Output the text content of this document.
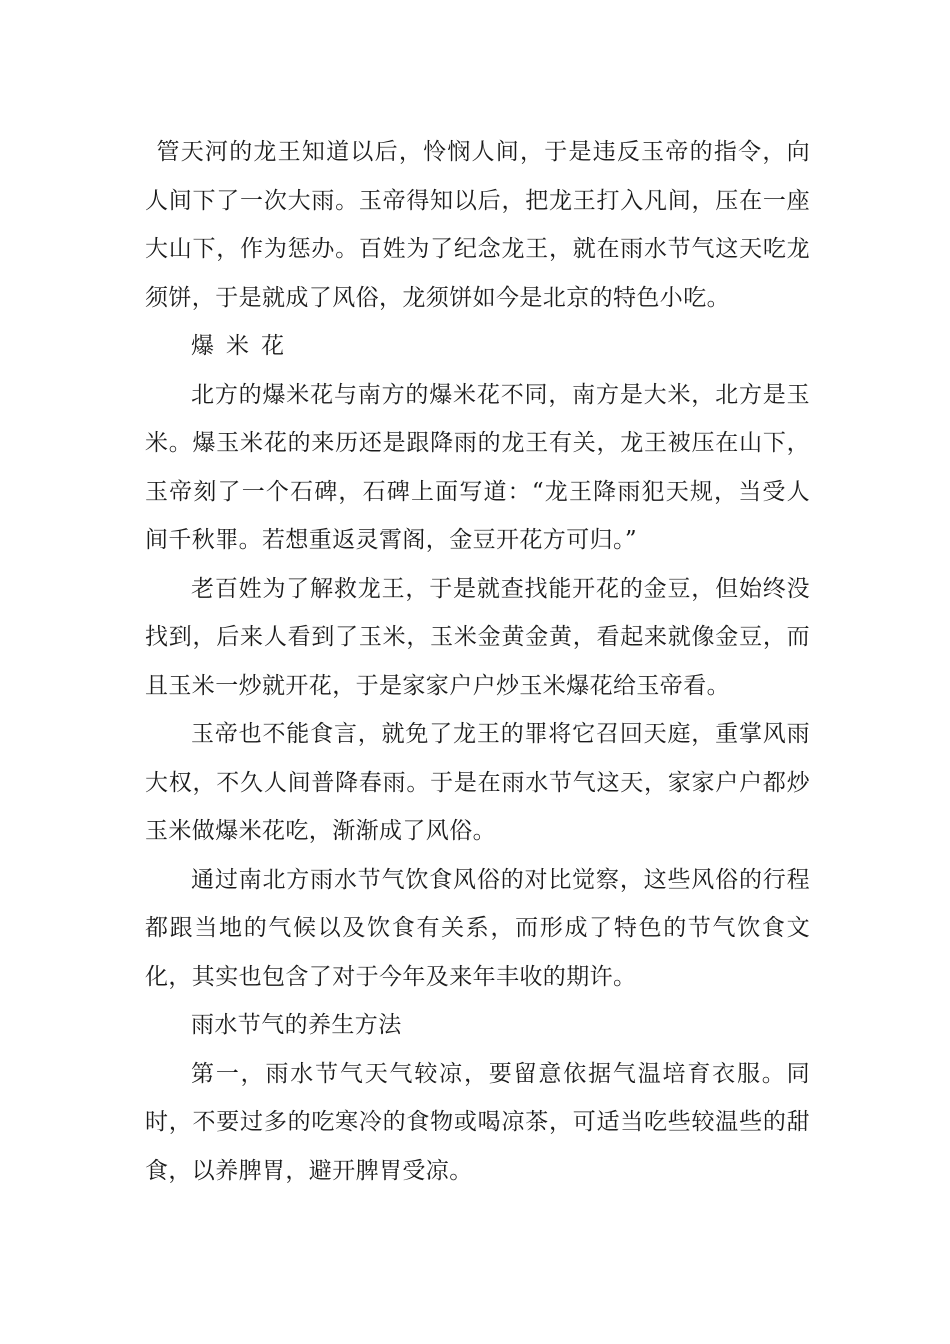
管天河的龙王知道以后，怜悯人间，于是违反玉帝的指令，向人间下了一次大雨。玉帝得知以后，把龙王打入凡间，压在一座大山下，作为惩办。百姓为了纪念龙王，就在雨水节气这天吃龙须饼，于是就成了风俗，龙须饼如今是北京的特色小吃。

爆米花

北方的爆米花与南方的爆米花不同，南方是大米，北方是玉米。爆玉米花的来历还是跟降雨的龙王有关，龙王被压在山下，玉帝刻了一个石碑，石碑上面写道：“龙王降雨犯天规，当受人间千秋罪。若想重返灵霄阁，金豆开花方可归。”

老百姓为了解救龙王，于是就查找能开花的金豆，但始终没找到，后来人看到了玉米，玉米金黄金黄，看起来就像金豆，而且玉米一炒就开花，于是家家户户炒玉米爆花给玉帝看。

玉帝也不能食言，就免了龙王的罪将它召回天庭，重掌风雨大权，不久人间普降春雨。于是在雨水节气这天，家家户户都炒玉米做爆米花吃，渐渐成了风俗。

通过南北方雨水节气饮食风俗的对比觉察，这些风俗的行程都跟当地的气候以及饮食有关系，而形成了特色的节气饮食文化，其实也包含了对于今年及来年丰收的期许。

雨水节气的养生方法

第一，雨水节气天气较凉，要留意依据气温培育衣服。同时，不要过多的吃寒冷的食物或喝凉茶，可适当吃些较温些的甜食，以养脾胃，避开脾胃受凉。
